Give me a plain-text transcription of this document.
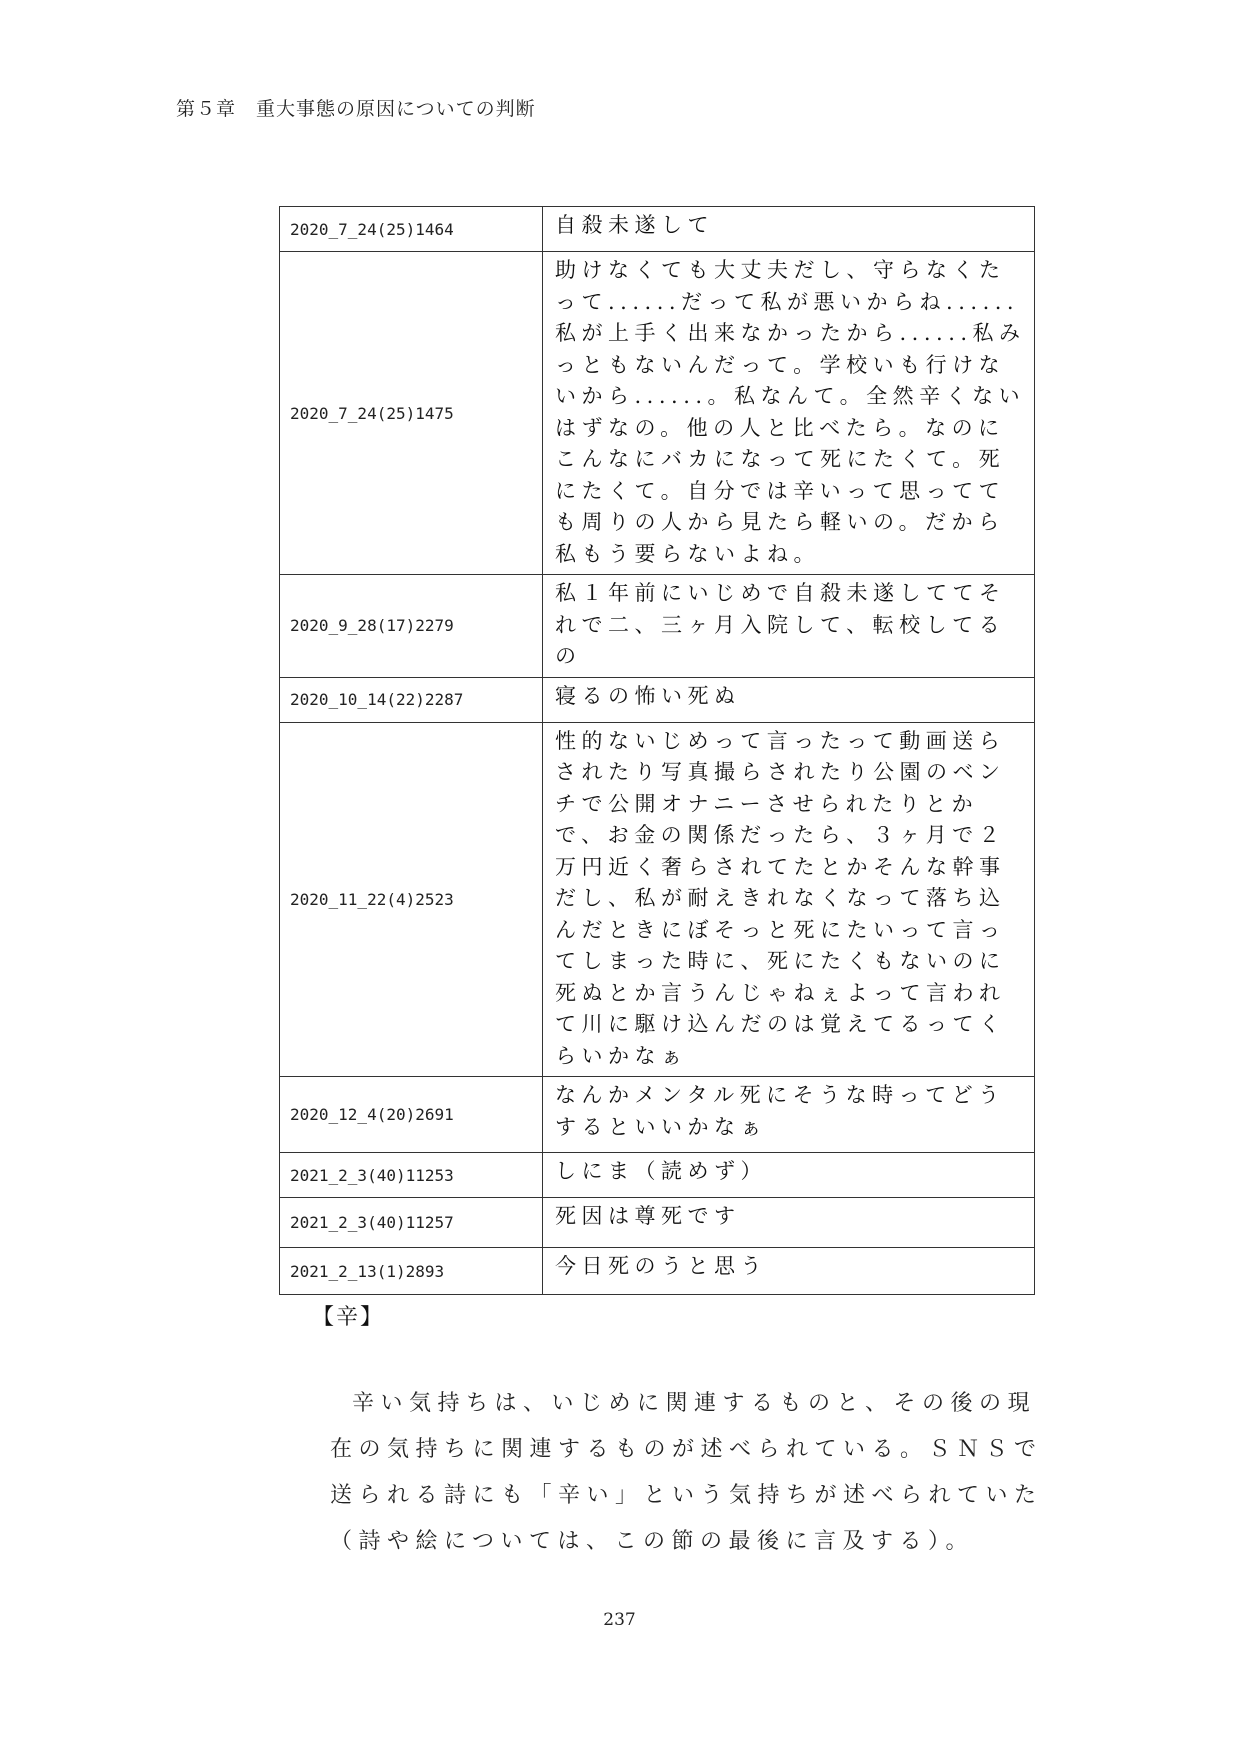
第５章　重大事態の原因についての判断
2020_7_24(25)1464	自殺未遂して
2020_7_24(25)1475	助けなくても大丈夫だし、守らなくたって......だって私が悪いからね......私が上手く出来なかったから......私みっともないんだって。学校いも行けないから......。私なんて。全然辛くないはずなの。他の人と比べたら。なのにこんなにバカになって死にたくて。死にたくて。自分では辛いって思ってても周りの人から見たら軽いの。だから私もう要らないよね。
2020_9_28(17)2279	私１年前にいじめで自殺未遂しててそれで二、三ヶ月入院して、転校してるの
2020_10_14(22)2287	寝るの怖い死ぬ
2020_11_22(4)2523	性的ないじめって言ったって動画送らされたり写真撮らされたり公園のベンチで公開オナニーさせられたりとかで、お金の関係だったら、３ヶ月で２万円近く奢らされてたとかそんな幹事だし、私が耐えきれなくなって落ち込んだときにぼそっと死にたいって言ってしまった時に、死にたくもないのに死ぬとか言うんじゃねぇよって言われて川に駆け込んだのは覚えてるってくらいかなぁ
2020_12_4(20)2691	なんかメンタル死にそうな時ってどうするといいかなぁ
2021_2_3(40)11253	しにま（読めず）
2021_2_3(40)11257	死因は尊死です
2021_2_13(1)2893	今日死のうと思う
【辛】

辛い気持ちは、いじめに関連するものと、その後の現在の気持ちに関連するものが述べられている。ＳＮＳで送られる詩にも「辛い」という気持ちが述べられていた（詩や絵については、この節の最後に言及する）。

237
